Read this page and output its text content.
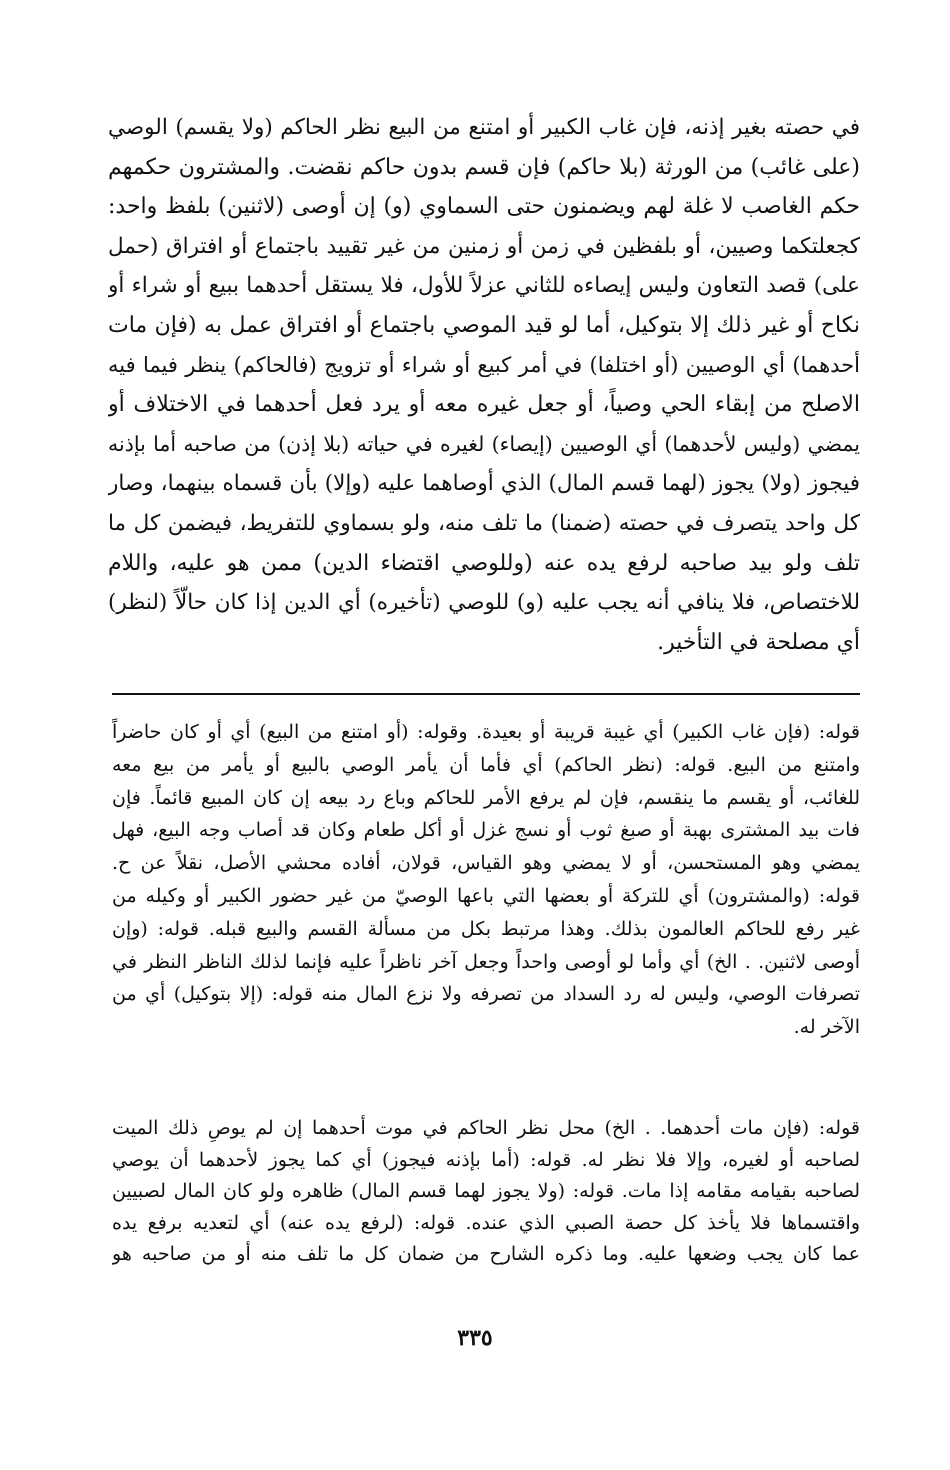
في حصته بغير إذنه، فإن غاب الكبير أو امتنع من البيع نظر الحاكم (ولا يقسم) الوصي
(على غائب) من الورثة (بلا حاكم) فإن قسم بدون حاكم نقضت. والمشترون حكمهم
حكم الغاصب لا غلة لهم ويضمنون حتى السماوي (و) إن أوصى (لاثنين) بلفظ واحد:
كجعلتكما وصيين، أو بلفظين في زمن أو زمنين من غير تقييد باجتماع أو افتراق (حمل
على) قصد التعاون وليس إيصاءه للثاني عزلاً للأول، فلا يستقل أحدهما ببيع أو شراء أو
نكاح أو غير ذلك إلا بتوكيل، أما لو قيد الموصي باجتماع أو افتراق عمل به (فإن مات
أحدهما) أي الوصيين (أو اختلفا) في أمر كبيع أو شراء أو تزويج (فالحاكم) ينظر فيما فيه
الاصلح من إبقاء الحي وصياً، أو جعل غيره معه أو يرد فعل أحدهما في الاختلاف أو
يمضي (وليس لأحدهما) أي الوصيين (إيصاء) لغيره في حياته (بلا إذن) من صاحبه أما بإذنه
فيجوز (ولا) يجوز (لهما قسم المال) الذي أوصاهما عليه (وإلا) بأن قسماه بينهما، وصار
كل واحد يتصرف في حصته (ضمنا) ما تلف منه، ولو بسماوي للتفريط، فيضمن كل ما
تلف ولو بيد صاحبه لرفع يده عنه (وللوصي اقتضاء الدين) ممن هو عليه، واللام
للاختصاص، فلا ينافي أنه يجب عليه (و) للوصي (تأخيره) أي الدين إذا كان حالّاً (لنظر)
أي مصلحة في التأخير.
قوله: (فإن غاب الكبير) أي غيبة قريبة أو بعيدة. وقوله: (أو امتنع من البيع) أي أو كان حاضراً
وامتنع من البيع. قوله: (نظر الحاكم) أي فأما أن يأمر الوصي بالبيع أو يأمر من بيع معه
للغائب، أو يقسم ما ينقسم، فإن لم يرفع الأمر للحاكم وباع رد بيعه إن كان المبيع قائماً. فإن
فات بيد المشترى بهبة أو صبغ ثوب أو نسج غزل أو أكل طعام وكان قد أصاب وجه البيع، فهل
يمضي وهو المستحسن، أو لا يمضي وهو القياس، قولان، أفاده محشي الأصل، نقلاً عن ح.
قوله: (والمشترون) أي للتركة أو بعضها التي باعها الوصيّ من غير حضور الكبير أو وكيله من
غير رفع للحاكم العالمون بذلك. وهذا مرتبط بكل من مسألة القسم والبيع قبله. قوله: (وإن
أوصى لاثنين. . الخ) أي وأما لو أوصى واحداً وجعل آخر ناظراً عليه فإنما لذلك الناظر النظر في
تصرفات الوصي، وليس له رد السداد من تصرفه ولا نزع المال منه قوله: (إلا بتوكيل) أي من
الآخر له.
قوله: (فإن مات أحدهما. . الخ) محل نظر الحاكم في موت أحدهما إن لم يوصِ ذلك الميت
لصاحبه أو لغيره، وإلا فلا نظر له. قوله: (أما بإذنه فيجوز) أي كما يجوز لأحدهما أن يوصي
لصاحبه بقيامه مقامه إذا مات. قوله: (ولا يجوز لهما قسم المال) ظاهره ولو كان المال لصبيين
واقتسماها فلا يأخذ كل حصة الصبي الذي عنده. قوله: (لرفع يده عنه) أي لتعديه برفع يده
عما كان يجب وضعها عليه. وما ذكره الشارح من ضمان كل ما تلف منه أو من صاحبه هو
٣٣٥
